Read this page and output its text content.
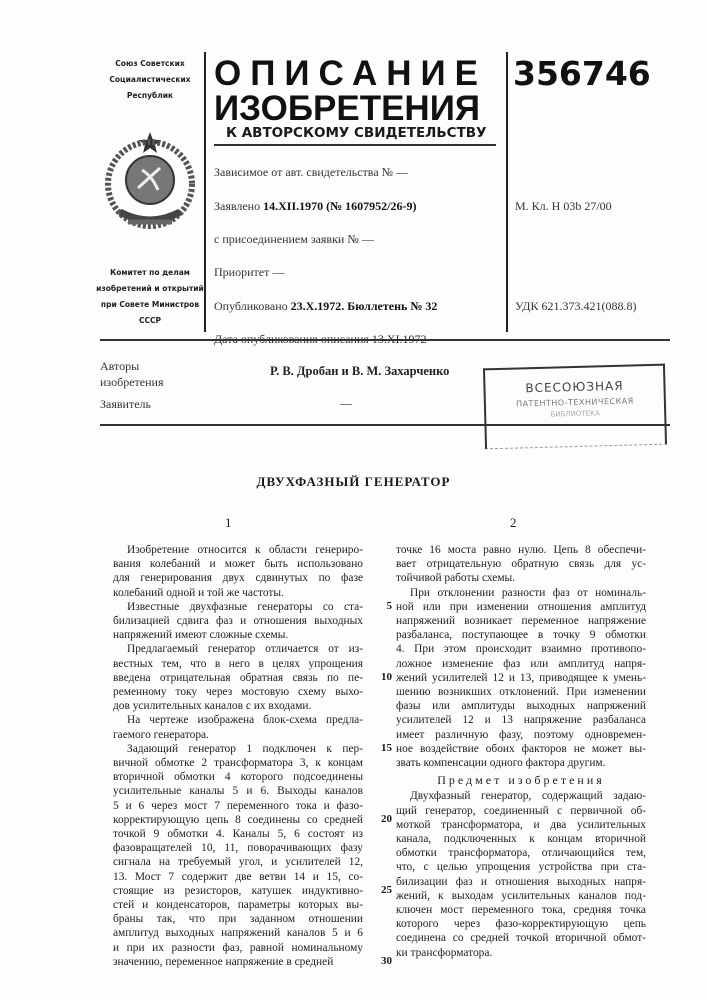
Союз Советских
Социалистических
Республик
Комитет по делам
изобретений и открытий
при Совете Министров
СССР
ОПИСАНИЕ
ИЗОБРЕТЕНИЯ
К АВТОРСКОМУ СВИДЕТЕЛЬСТВУ
356746
Зависимое от авт. свидетельства № —
Заявлено 14.XII.1970 (№ 1607952/26-9)
с присоединением заявки № —
Приоритет —
Опубликовано 23.X.1972. Бюллетень № 32
М. Кл. Н 03b 27/00
УДК 621.373.421(088.8)
Авторы
изобретения
Р. В. Дробан и В. М. Захарченко
Заявитель	—
ВСЕСОЮЗНАЯ
ПАТЕНТНО-ТЕХНИЧЕСКАЯ
БИБЛИОТЕКА
ДВУХФАЗНЫЙ ГЕНЕРАТОР
1	2
Изобретение относится к области генериро-
вания колебаний и может быть использовано
для генерирования двух сдвинутых по фазе
колебаний одной и той же частоты.
Известные двухфазные генераторы со ста-
билизацией сдвига фаз и отношения выходных
напряжений имеют сложные схемы.
Предлагаемый генератор отличается от из-
вестных тем, что в него в целях упрощения
введена отрицательная обратная связь по пе-
ременному току через мостовую схему выхо-
дов усилительных каналов с их входами.
На чертеже изображена блок-схема предла-
гаемого генератора.
Задающий генератор 1 подключен к пер-
вичной обмотке 2 трансформатора 3, к концам
вторичной обмотки 4 которого подсоединены
усилительные каналы 5 и 6. Выходы каналов
5 и 6 через мост 7 переменного тока и фазо-
корректирующую цепь 8 соединены со средней
точкой 9 обмотки 4. Каналы 5, 6 состоят из
фазовращателей 10, 11, поворачивающих фазу
сигнала на требуемый угол, и усилителей 12,
13. Мост 7 содержит две ветви 14 и 15, со-
стоящие из резисторов, катушек индуктивно-
стей и конденсаторов, параметры которых вы-
браны так, что при заданном отношении
амплитуд выходных напряжений каналов 5 и 6
и при их разности фаз, равной номинальному
значению, переменное напряжение в средней
точке 16 моста равно нулю. Цепь 8 обеспечи-
вает отрицательную обратную связь для ус-
тойчивой работы схемы.
При отклонении разности фаз от номиналь-
ной или при изменении отношения амплитуд
напряжений возникает переменное напряжение
разбаланса, поступающее в точку 9 обмотки
4. При этом происходит взаимно противопо-
ложное изменение фаз или амплитуд напря-
жений усилителей 12 и 13, приводящее к умень-
шению возникших отклонений. При изменении
фазы или амплитуды выходных напряжений
усилителей 12 и 13 напряжение разбаланса
имеет различную фазу, поэтому одновремен-
ное воздействие обоих факторов не может вы-
звать компенсации одного фактора другим.
Предмет изобретения
Двухфазный генератор, содержащий задаю-
щий генератор, соединенный с первичной об-
моткой трансформатора, и два усилительных
канала, подключенных к концам вторичной
обмотки трансформатора, отличающийся тем,
что, с целью упрощения устройства при ста-
билизации фаз и отношения выходных напря-
жений, к выходам усилительных каналов под-
ключен мост переменного тока, средняя точка
которого через фазо-корректирующую цепь
соединена со средней точкой вторичной обмот-
ки трансформатора.
5
10
15
20
25
30
